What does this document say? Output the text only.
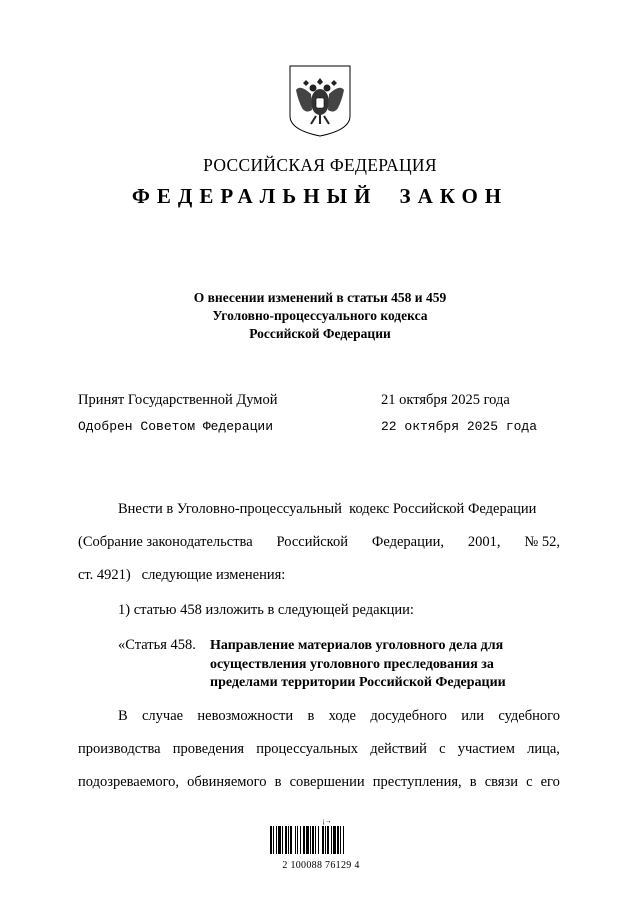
РОССИЙСКАЯ ФЕДЕРАЦИЯ
ФЕДЕРАЛЬНЫЙ ЗАКОН
О внесении изменений в статьи 458 и 459
Уголовно-процессуального кодекса
Российской Федерации
Принят Государственной Думой	21 октября 2025 года
Одобрен Советом Федерации	22 октября 2025 года
Внести в Уголовно-процессуальный кодекс Российской Федерации
(Собрание законодательства Российской Федерации, 2001, № 52,
ст. 4921)   следующие изменения:
1) статью 458 изложить в следующей редакции:
«Статья 458. Направление материалов уголовного дела для
осуществления уголовного преследования за
пределами территории Российской Федерации
В случае невозможности в ходе досудебного или судебного
производства проведения процессуальных действий с участием лица,
подозреваемого, обвиняемого в совершении преступления, в связи с его
¡→
2 100088 76129 4
